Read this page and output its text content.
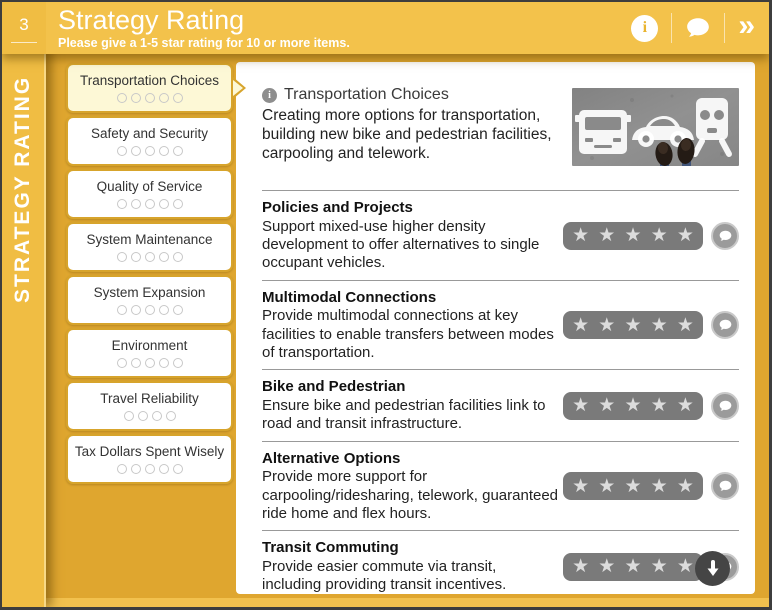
STRATEGY RATING
3 Strategy Rating
Please give a 1-5 star rating for 10 or more items.
i	»
Transportation Choices
Safety and Security
Quality of Service
System Maintenance
System Expansion
Environment
Travel Reliability
Tax Dollars Spent Wisely
i Transportation Choices
Creating more options for transportation, building new bike and pedestrian facilities, carpooling and telework.
Policies and Projects
Support mixed-use higher density development to offer alternatives to single occupant vehicles.
★ ★ ★ ★ ★
Multimodal Connections
Provide multimodal connections at key facilities to enable transfers between modes of transportation.
★ ★ ★ ★ ★
Bike and Pedestrian
Ensure bike and pedestrian facilities link to road and transit infrastructure.
★ ★ ★ ★ ★
Alternative Options
Provide more support for carpooling/ridesharing, telework, guaranteed ride home and flex hours.
★ ★ ★ ★ ★
Transit Commuting
Provide easier commute via transit, including providing transit incentives.
★ ★ ★ ★ ★
